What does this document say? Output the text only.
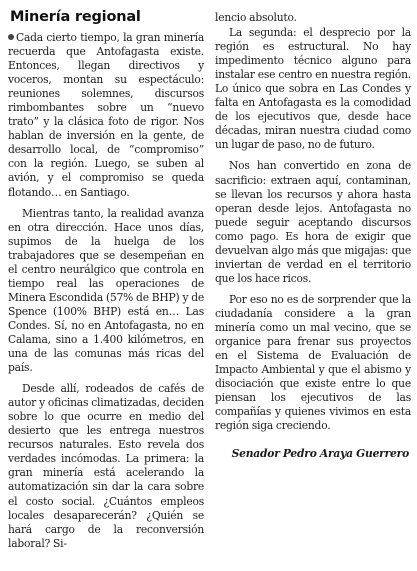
Minería regional

Cada cierto tiempo, la gran minería recuerda que Antofagasta existe. Entonces, llegan directivos y voceros, montan su espectáculo: reuniones solemnes, discursos rimbombantes sobre un “nuevo trato” y la clásica foto de rigor. Nos hablan de inversión en la gente, de desarrollo local, de “compromiso” con la región. Luego, se suben al avión, y el compromiso se queda flotando… en Santiago.

Mientras tanto, la realidad avanza en otra dirección. Hace unos días, supimos de la huelga de los trabajadores que se desempeñan en el centro neurálgico que controla en tiempo real las operaciones de Minera Escondida (57% de BHP) y de Spence (100% BHP) está en… Las Condes. Sí, no en Antofagasta, no en Calama, sino a 1.400 kilómetros, en una de las comunas más ricas del país.

Desde allí, rodeados de cafés de autor y oficinas climatizadas, deciden sobre lo que ocurre en medio del desierto que les entrega nuestros recursos naturales. Esto revela dos verdades incómodas. La primera: la gran minería está acelerando la automatización sin dar la cara sobre el costo social. ¿Cuántos empleos locales desaparecerán? ¿Quién se hará cargo de la reconversión laboral? Si-

lencio absoluto.

La segunda: el desprecio por la región es estructural. No hay impedimento técnico alguno para instalar ese centro en nuestra región. Lo único que sobra en Las Condes y falta en Antofagasta es la comodidad de los ejecutivos que, desde hace décadas, miran nuestra ciudad como un lugar de paso, no de futuro.

Nos han convertido en zona de sacrificio: extraen aquí, contaminan, se llevan los recursos y ahora hasta operan desde lejos. Antofagasta no puede seguir aceptando discursos como pago. Es hora de exigir que devuelvan algo más que migajas: que inviertan de verdad en el territorio que los hace ricos.

Por eso no es de sorprender que la ciudadanía considere a la gran minería como un mal vecino, que se organice para frenar sus proyectos en el Sistema de Evaluación de Impacto Ambiental y que el abismo y disociación que existe entre lo que piensan los ejecutivos de las compañías y quienes vivimos en esta región siga creciendo.

Senador Pedro Araya Guerrero
